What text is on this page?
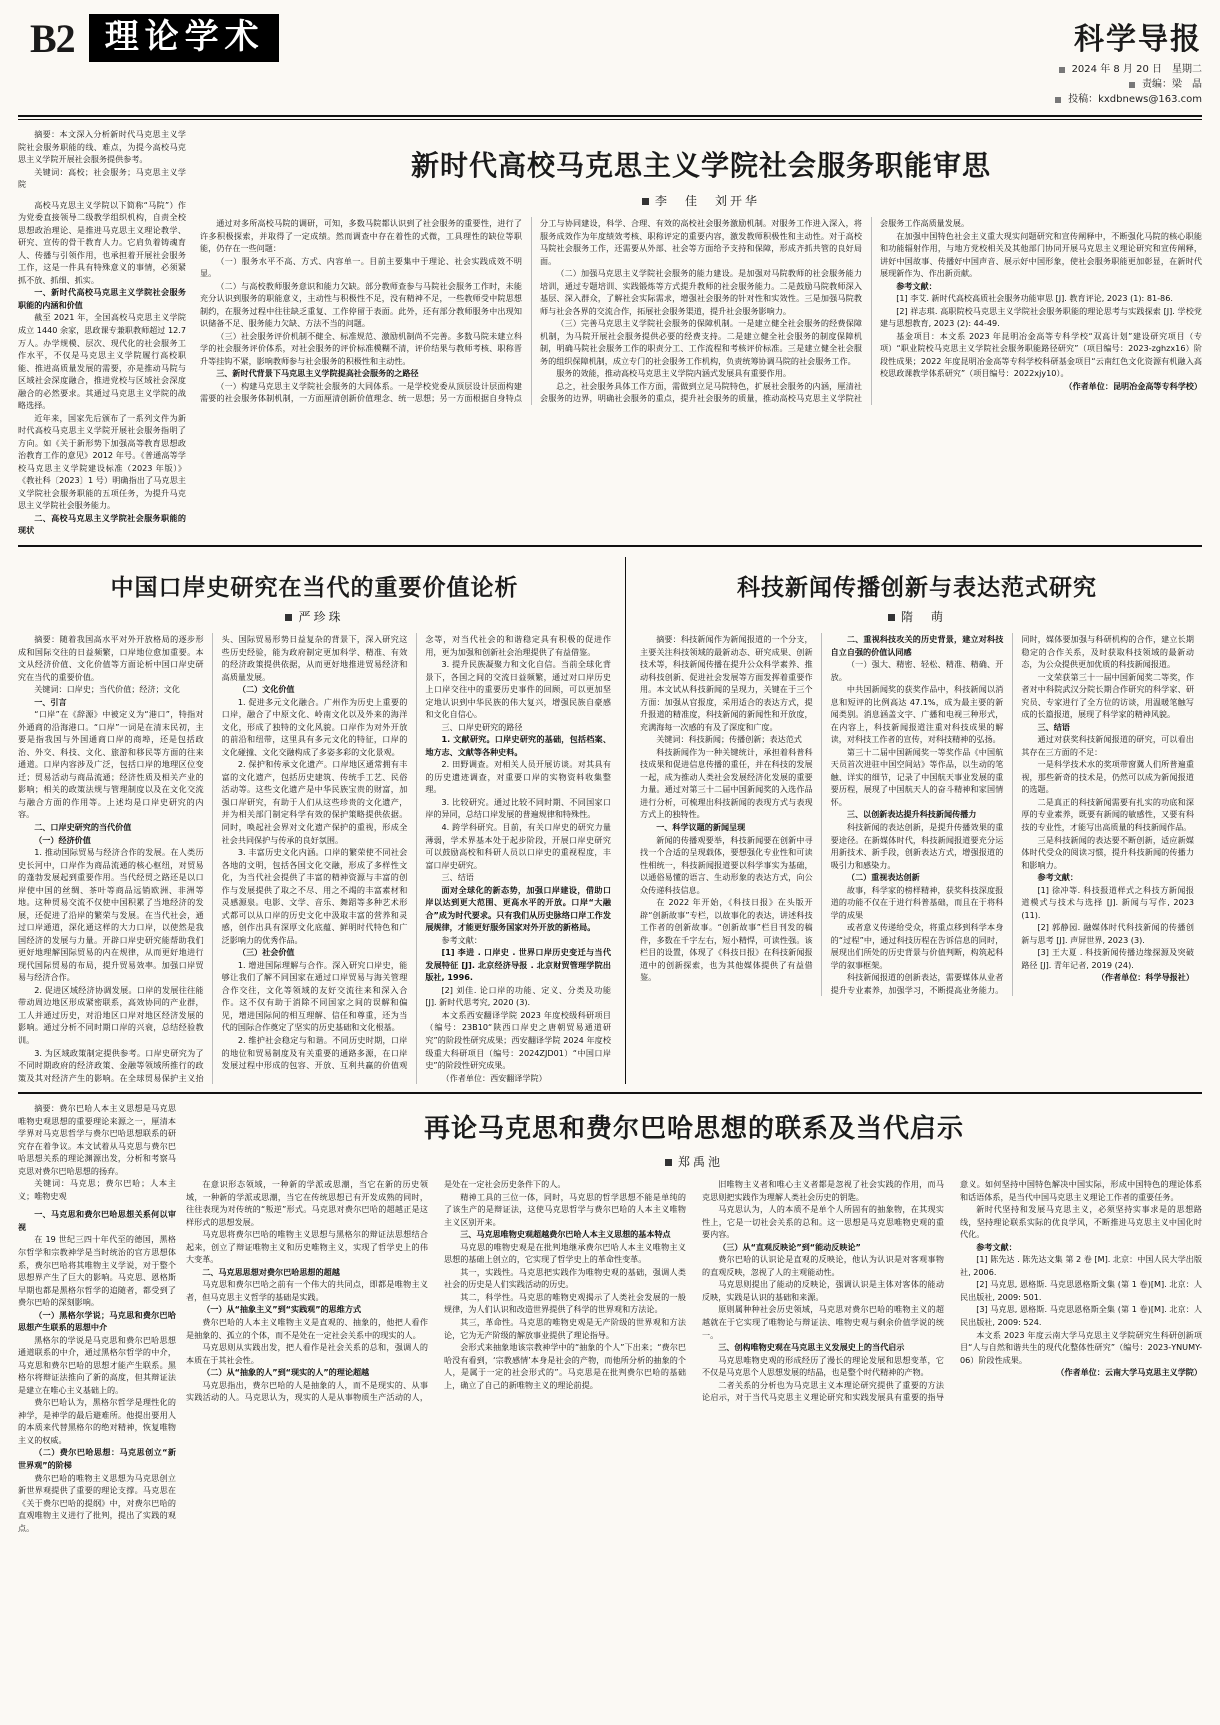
B2 理论学术	科学导报
2024 年 8 月 20 日　星期二
责编：梁　晶
投稿：kxdbnews@163.com

摘要：本文深入分析新时代马克思主义学院社会服务职能的线、难点，为提今高校马克思主义学院开展社会服务提供参考。

关键词：高校；社会服务；马克思主义学院

高校马克思主义学院以下简称“马院”）作为党委直接领导二级教学组织机构，自责全校思想政治理论、是推进马克思主义理论教学、研究、宣传的骨干教育人力。它肩负着铸魂育人、传播与引领作用，也承担着开展社会服务工作，这是一件具有特殊意义的事情，必须紧抓不放、抓细、抓实。

一、新时代高校马克思主义学院社会服务职能的内涵和价值

截至 2021 年，全国高校马克思主义学院成立 1440 余家，思政课专兼职教师超过 12.7 万人。办学规模、层次、现代化的社会服务工作水平，不仅是马克思主义学院履行高校职能、推进高质量发展的需要，亦是推动马院与区域社会深度融合，推进党校与区域社会深度融合的必然要求。其通过马克思主义学院的战略选择。

近年来，国家先后颁布了一系列文件为新时代高校马克思主义学院开展社会服务指明了方向。如《关于新形势下加强高等教育思想政治教育工作的意见》2012 年号。《普通高等学校马克思主义学院建设标准（2023 年版）》《教社科〔2023〕1 号）明确指出了马克思主义学院社会服务职能的五项任务，为提升马克思主义学院社会服务能力。

二、高校马克思主义学院社会服务职能的现状

新时代高校马克思主义学院社会服务职能审思
李　佳　刘开华

通过对多所高校马院的调研，可知，多数马院都认识到了社会服务的重要性，进行了许多积极探索，并取得了一定成绩。然而调查中存在着性的式微，工具理性的缺位等职能，仍存在一些问题：

（一）服务水平不高、方式、内容单一。目前主要集中于理论、社会实践成效不明显。

（二）与高校教师服务意识和能力欠缺。部分教师查参与马院社会服务工作时，未能充分认识到服务的职能意义，主动性与积极性不足，没有精神不足，一些教师受中院思想制约，在服务过程中往往缺乏重复、工作停留于表面。此外，还有部分教师服务中出现知识储备不足、服务能力欠缺、方法不当的问题。

（三）社会服务评价机制不健全、标准规范、激励机制尚不完善。多数马院未建立科学的社会服务评价体系，对社会服务的评价标准模糊不清，评价结果与教师考核、职称晋升等挂钩不紧，影响教师参与社会服务的积极性和主动性。

三、新时代背景下马克思主义学院提高社会服务的之路径

（一）构建马克思主义学院社会服务的大同体系。一是学校党委从顶层设计层面构建需要的社会服务体制机制，一方面厘清创新价值理念、统一思想；另一方面根据自身特点分工与协同建设，科学、合理、有效的高校社会服务激励机制。对服务工作进入深入，将服务成效作为年度绩效考核、职称评定的重要内容，激发教师积极性和主动性。对于高校马院社会服务工作，还需要从外部、社会等方面给予支持和保障，形成齐抓共管的良好局面。

（二）加强马克思主义学院社会服务的能力建设。是加强对马院教师的社会服务能力培训，通过专题培训、实践锻炼等方式提升教师的社会服务能力。二是鼓励马院教师深入基层、深入群众，了解社会实际需求，增强社会服务的针对性和实效性。三是加强马院教师与社会各界的交流合作，拓展社会服务渠道，提升社会服务影响力。

（三）完善马克思主义学院社会服务的保障机制。一是建立健全社会服务的经费保障机制，为马院开展社会服务提供必要的经费支持。二是建立健全社会服务的制度保障机制，明确马院社会服务工作的职责分工、工作流程和考核评价标准。三是建立健全社会服务的组织保障机制，成立专门的社会服务工作机构，负责统筹协调马院的社会服务工作。

服务的效能，推动高校马克思主义学院内涵式发展具有重要作用。

总之，社会服务具体工作方面，需做到立足马院特色，扩展社会服务的内涵，厘清社会服务的边界，明确社会服务的重点，提升社会服务的质量，推动高校马克思主义学院社会服务工作高质量发展。

在加强中国特色社会主义重大现实问题研究和宣传阐释中，不断强化马院的核心职能和功能辐射作用，与地方党校相关及其他部门协同开展马克思主义理论研究和宣传阐释，讲好中国故事、传播好中国声音、展示好中国形象，使社会服务职能更加彰显，在新时代展现新作为、作出新贡献。

参考文献：

[1] 李艾. 新时代高校高质社会服务功能审思 [J]. 教育评论, 2023 (1): 81-86.

[2] 祥志琪. 高职院校马克思主义学院社会服务职能的理论思考与实践探索 [J]. 学校党建与思想教育, 2023 (2): 44-49.

基金项目：本文系 2023 年昆明冶金高等专科学校“双高计划”建设研究项目（专项）“职业院校马克思主义学院社会服务职能路径研究”（项目编号：2023-zghzx16）阶段性成果；2022 年度昆明冶金高等专科学校科研基金项目“云南红色文化资源有机融入高校思政课教学体系研究”（项目编号：2022xjy10）。

（作者单位：昆明冶金高等专科学校）

中国口岸史研究在当代的重要价值论析
严珍珠

摘要：随着我国高水平对外开放格局的逐步形成和国际交往的日益频繁，口岸地位愈加重要。本文从经济价值、文化价值等方面论析中国口岸史研究在当代的重要价值。

关键词：口岸史；当代价值；经济；文化

一、引言

“口岸”在《辞源》中被定义为“港口”，特指对外通商的沿海港口。“口岸”一词是在清末民初，主要是指我国与外国通商口岸的商埠，还是包括政治、外交、科技、文化、旅游和移民等方面的往来通道。口岸内容涉及广泛，包括口岸的地理区位变迁；贸易活动与商品流通；经济性质及相关产业的影响；相关的政策法规与管理制度以及在文化交流与融合方面的作用等。上述均是口岸史研究的内容。

二、口岸史研究的当代价值

（一）经济价值

1. 推动国际贸易与经济合作的发展。在人类历史长河中，口岸作为商品流通的核心枢纽，对贸易的蓬勃发展起到重要作用。当代经贸之路还是以口岸使中国的丝绸、茶叶等商品远销欧洲、非洲等地。这种贸易交流不仅使中国积累了当地经济的发展，还促进了沿岸的繁荣与发展。在当代社会，通过口岸通道，深化通这样的大力口岸，以使然是我国经济的发展与力量。开辟口岸史研究能帮助我们更好地理解国际贸易的内在规律，从而更好地进行现代国际贸易的布局，提升贸易效率。加强口岸贸易与经济合作。

2. 促进区域经济协调发展。口岸的发展往往能带动周边地区形成紧密联系，高效协同的产业群，工人并通过历史，对沿地区口岸对地区经济发展的影响。通过分析不同时期口岸的兴衰，总结经验教训。

3. 为区域政策制定提供参考。口岸史研究为了不同时期政府的经济政策、金融等领域所推行的政策及其对经济产生的影响。在全球贸易保护主义抬头、国际贸易形势日益复杂的背景下，深入研究这些历史经验，能为政府制定更加科学、精准、有效的经济政策提供依据，从而更好地推进贸易经济和高质量发展。

（二）文化价值

1. 促进多元文化融合。广州作为历史上重要的口岸，融合了中原文化、岭南文化以及外来的海洋文化，形成了独特的文化风貌。口岸作为对外开放的前沿和纽带，这里具有多元文化的特征，口岸的文化碰撞、文化交融构成了多姿多彩的文化景观。

2. 保护和传承文化遗产。口岸地区通常拥有丰富的文化遗产，包括历史建筑、传统手工艺、民俗活动等。这些文化遗产是中华民族宝贵的财富，加强口岸研究，有助于人们从这些珍贵的文化遗产，并为相关部门制定科学有效的保护策略提供依据。同时，唤起社会界对文化遗产保护的重视，形成全社会共同保护与传承的良好氛围。

3. 丰富历史文化内涵。口岸的繁荣使不同社会各地的文明，包括各国文化交融，形成了多样性文化，为当代社会提供了丰富的精神资源与丰富的创作与发展提供了取之不尽、用之不竭的丰富素材和灵感源泉。电影、文学、音乐、舞蹈等多种艺术形式都可以从口岸的历史文化中汲取丰富的营养和灵感，创作出具有深厚文化底蕴、鲜明时代特色和广泛影响力的优秀作品。

（三）社会价值

1. 增进国际理解与合作。深入研究口岸史，能够让我们了解不同国家在通过口岸贸易与海关管理合作交往，文化等领域的友好交流往来和深入合作。这不仅有助于消除不同国家之间的误解和偏见，增进国际间的相互理解、信任和尊重，还为当代的国际合作奠定了坚实的历史基础和文化根基。

2. 维护社会稳定与和谐。不同历史时期，口岸的地位和贸易制度及有关重要的通路多源，在口岸发展过程中形成的包容、开放、互利共赢的价值观念等，对当代社会的和谐稳定具有积极的促进作用，更为加强和创新社会治理提供了有益借鉴。

3. 提升民族凝聚力和文化自信。当前全球化背景下，各国之间的交流日益频繁，通过对口岸历史上口岸交往中的重要历史事件的回顾，可以更加坚定地认识到中华民族的伟大复兴，增强民族自豪感和文化自信心。

三、口岸史研究的路径

1. 文献研究。口岸史研究的基础，包括档案、地方志、文献等各种史料。

2. 田野调查。对相关人员开展访谈。对其具有的历史遗迹调查，对重要口岸的实物资料收集整理。

3. 比较研究。通过比较不同时期、不同国家口岸的异同，总结口岸发展的普遍规律和特殊性。

4. 跨学科研究。目前，有关口岸史的研究力量薄弱，学术界基本处于起步阶段，开展口岸史研究可以鼓励高校和科研人员以口岸史的重视程度，丰富口岸史研究。

三、结语

面对全球化的新态势，加强口岸建设，借助口岸以达到更大范围、更高水平的开放。口岸“大融合”成为时代要求。只有我们从历史脉络口岸工作发展规律，才能更好服务国家对外开放的新格局。

参考文献：

[1] 李进 . 口岸史 . 世界口岸历史变迁与当代发展特征 [J]. 北京经济导报 . 北京财贸管理学院出版社, 1996.

[2] 刘佳. 论口岸的功能、定义、分类及功能 [J]. 新时代思考究, 2020 (3).

本文系西安翻译学院 2023 年度校级科研项目（编号：23B10“陕西口岸史之唐朝贸易通道研究”的阶段性研究成果；西安翻译学院 2024 年度校级重大科研项目（编号：2024ZJD01）“中国口岸史”的阶段性研究成果。

（作者单位：西安翻译学院）

科技新闻传播创新与表达范式研究
隋　萌

摘要：科技新闻作为新闻报道的一个分支，主要关注科技领域的最新动态、研究成果、创新技术等，科技新闻传播在提升公众科学素养、推动科技创新、促进社会发展等方面发挥着重要作用。本文试从科技新闻的呈现力，关键在于三个方面：加强从官报度，采用适合的表达方式，提升报道的精准度，科技新闻的新闻性和开放度，充满海每一次感的有及了深度和广度。

关键词：科技新闻；传播创新；表达范式

科技新闻作为一种关键统计，承担着科普科技成果和促进信息传播的重任，并在科技的发展一起，成为推动人类社会发展经济化发展的重要力量。通过对第三十二届中国新闻奖的入选作品进行分析，可梳理出科技新闻的表现方式与表现方式上的独特性。

一、科学议题的新闻呈现

新闻的传播观要举，科技新闻要在创新中寻找一个合适的呈现载体，要想强化专业性和可读性相统一，科技新闻报道要以科学事实为基础，以通俗易懂的语言、生动形象的表达方式，向公众传递科技信息。

在 2022 年开始，《科技日报》在头版开辟“创新故事”专栏，以故事化的表达，讲述科技工作者的创新故事。“创新故事”栏目刊发的稿件，多数在千字左右，短小精悍，可读性强。该栏目的设置，体现了《科技日报》在科技新闻报道中的创新探索，也为其他媒体提供了有益借鉴。

二、重视科技攻关的历史背景，建立对科技自立自强的价值认同感

（一）强大、精密、轻松、精准、精确、开放。

中共国新闻奖的获奖作品中，科技新闻以消息和短评的比例高达 47.1%，成为最主要的新闻类别。消息涵盖文字、广播和电视三种形式，在内容上，科技新闻报道注重对科技成果的解读，对科技工作者的宣传，对科技精神的弘扬。

第三十二届中国新闻奖一等奖作品《中国航天员首次进驻中国空间站》等作品，以生动的笔触、详实的细节，记录了中国航天事业发展的重要历程，展现了中国航天人的奋斗精神和家国情怀。

三、以创新表达提升科技新闻传播力

科技新闻的表达创新，是提升传播效果的重要途径。在新媒体时代，科技新闻报道要充分运用新技术、新手段，创新表达方式，增强报道的吸引力和感染力。

（二）重视表达创新

故事，科学家的榜样精神，获奖科技深度报道的功能不仅在于进行科普基础，而且在于将科学的成果

或者意义传递给受众，将重点移到科学本身的“过程”中，通过科技历程在告诉信息的同时，展现出们所处的历史背景与价值判断，构筑起科学的叙事框架。

科技新闻报道的创新表达，需要媒体从业者提升专业素养，加强学习，不断提高业务能力。同时，媒体要加强与科研机构的合作，建立长期稳定的合作关系，及时获取科技领域的最新动态，为公众提供更加优质的科技新闻报道。

一文荣获第三十一届中国新闻奖二等奖，作者对中科院武汉分院长期合作研究的科学家、研究员、专家进行了全方位的访谈，用温暖笔触写成的长篇报道，展现了科学家的精神风貌。

三、结语

通过对获奖科技新闻报道的研究，可以看出其存在三方面的不足：

一是科学技术水的奖项带窗冀人们所普遍重视，那些新奇的技术是，仍然可以成为新闻报道的选题。

二是真正的科技新闻需要有扎实的功底和深厚的专业素养，既要有新闻的敏感性，又要有科技的专业性，才能写出高质量的科技新闻作品。

三是科技新闻的表达要不断创新，适应新媒体时代受众的阅读习惯，提升科技新闻的传播力和影响力。

参考文献：

[1] 徐冲等. 科技报道样式之科技方新闻报道模式与技术与选择 [J]. 新闻与写作, 2023 (11).

[2] 郭静园. 融媒体时代科技新闻的传播创新与思考 [J]. 声屏世界, 2023 (3).

[3] 王大夏 . 科技新闻传播边缘探源及突破路径 [J]. 青年记者, 2019 (24).

（作者单位：科学导报社）

摘要：费尔巴哈人本主义思想是马克思唯物史观思想的重要理论来源之一，厘清本学界对马克思哲学与费尔巴哈思想联系的研究存在着争议。本文试着从马克思与费尔巴哈思想关系的理论渊源出发，分析和考察马克思对费尔巴哈思想的扬弃。

关键词：马克思；费尔巴哈；人本主义；唯物史观

一、马克思和费尔巴哈思想关系何以审视

在 19 世纪三四十年代至的德国，黑格尔哲学和宗教神学是当时统治的官方思想体系，费尔巴哈将其唯物主义学说，对于整个思想界产生了巨大的影响。马克思、恩格斯早期也都是黑格尔哲学的追随者，都受到了费尔巴哈的深刻影响。

（一）黑格尔学说；马克思和费尔巴哈思想产生联系的思想中介

黑格尔的学说是马克思和费尔巴哈思想通道联系的中介，通过黑格尔哲学的中介，马克思和费尔巴哈的思想才能产生联系。黑格尔将辩证法推向了新的高度，但其辩证法是建立在唯心主义基础上的。

费尔巴哈认为，黑格尔哲学是理性化的神学，是神学的最后避难所。他提出要用人的本质来代替黑格尔的绝对精神，恢复唯物主义的权威。

（二）费尔巴哈思想：马克思创立“新世界观”的阶梯

费尔巴哈的唯物主义思想为马克思创立新世界观提供了重要的理论支撑。马克思在《关于费尔巴哈的提纲》中，对费尔巴哈的直观唯物主义进行了批判，提出了实践的观点。

再论马克思和费尔巴哈思想的联系及当代启示
郑禹池

在意识形态领域，一种新的学派或思潮，当它在新的历史领域，一种新的学派或思潮，当它在传统思想已有开发成熟的同时，往往表现为对传统的“叛逆”形式。马克思对费尔巴哈的超越正是这样形式的思想发展。

马克思将费尔巴哈的唯物主义思想与黑格尔的辩证法思想结合起来，创立了辩证唯物主义和历史唯物主义，实现了哲学史上的伟大变革。

二、马克思思想对费尔巴哈思想的超越

马克思和费尔巴哈之前有一个伟大的共同点，即都是唯物主义者，但马克思主义哲学的基础是实践。

（一）从“抽象主义”到“实践观”的思维方式

费尔巴哈的人本主义唯物主义是直观的、抽象的，他把人看作是抽象的、孤立的个体，而不是处在一定社会关系中的现实的人。

马克思则从实践出发，把人看作是社会关系的总和，强调人的本质在于其社会性。

（二）从“抽象的人”到“现实的人”的理论超越

马克思指出，费尔巴哈的人是抽象的人，而不是现实的、从事实践活动的人。马克思认为，现实的人是从事物质生产活动的人，是处在一定社会历史条件下的人。

精神工具的三位一体，同时，马克思的哲学思想不能是单纯的了该生产的是辩证法，这使马克思哲学与费尔巴哈的人本主义唯物主义区别开来。

三、马克思唯物史观超越费尔巴哈人本主义思想的基本特点

马克思的唯物史观是在批判地继承费尔巴哈人本主义唯物主义思想的基础上创立的，它实现了哲学史上的革命性变革。

其一，实践性。马克思把实践作为唯物史观的基础，强调人类社会的历史是人们实践活动的历史。

其二，科学性。马克思的唯物史观揭示了人类社会发展的一般规律，为人们认识和改造世界提供了科学的世界观和方法论。

其三，革命性。马克思的唯物史观是无产阶级的世界观和方法论，它为无产阶级的解放事业提供了理论指导。

会形式来抽象地该宗教神学中的“抽象的个人”下出来；“费尔巴哈没有看到，‘宗教感情’本身是社会的产物，而他所分析的抽象的个人，是属于一定的社会形式的”。马克思是在批判费尔巴哈的基础上，确立了自己的新唯物主义的理论前提。

旧唯物主义者和唯心主义者都是忽视了社会实践的作用，而马克思则把实践作为理解人类社会历史的钥匙。

马克思认为，人的本质不是单个人所固有的抽象物，在其现实性上，它是一切社会关系的总和。这一思想是马克思唯物史观的重要内容。

（三）从“直观反映论”到“能动反映论”

费尔巴哈的认识论是直观的反映论，他认为认识是对客观事物的直观反映，忽视了人的主观能动性。

马克思则提出了能动的反映论，强调认识是主体对客体的能动反映，实践是认识的基础和来源。

原则属种种社会历史领域，马克思对费尔巴哈的唯物主义的超越就在于它实现了唯物论与辩证法、唯物史观与剩余价值学说的统一。

三、创构唯物史观在马克思主义发展史上的当代启示

马克思唯物史观的形成经历了漫长的理论发展和思想变革，它不仅是马克思个人思想发展的结晶，也是整个时代精神的产物。

二者关系的分析也为马克思主义本理论研究提供了重要的方法论启示，对于当代马克思主义理论研究和实践发展具有重要的指导意义。如何坚持中国特色解决中国实际，形成中国特色的理论体系和话语体系，是当代中国马克思主义理论工作者的重要任务。

新时代坚持和发展马克思主义，必须坚持实事求是的思想路线，坚持理论联系实际的优良学风，不断推进马克思主义中国化时代化。

参考文献：

[1] 陈先达 . 陈先达文集 第 2 卷 [M]. 北京：中国人民大学出版社, 2006.

[2] 马克思, 恩格斯. 马克思恩格斯文集 (第 1 卷)[M]. 北京：人民出版社, 2009: 501.

[3] 马克思, 恩格斯. 马克思恩格斯全集 (第 1 卷)[M]. 北京：人民出版社, 2009: 524.

本文系 2023 年度云南大学马克思主义学院研究生科研创新项目“人与自然和谐共生的现代化整体性研究”（编号：2023-YNUMY-06）阶段性成果。

（作者单位：云南大学马克思主义学院）
